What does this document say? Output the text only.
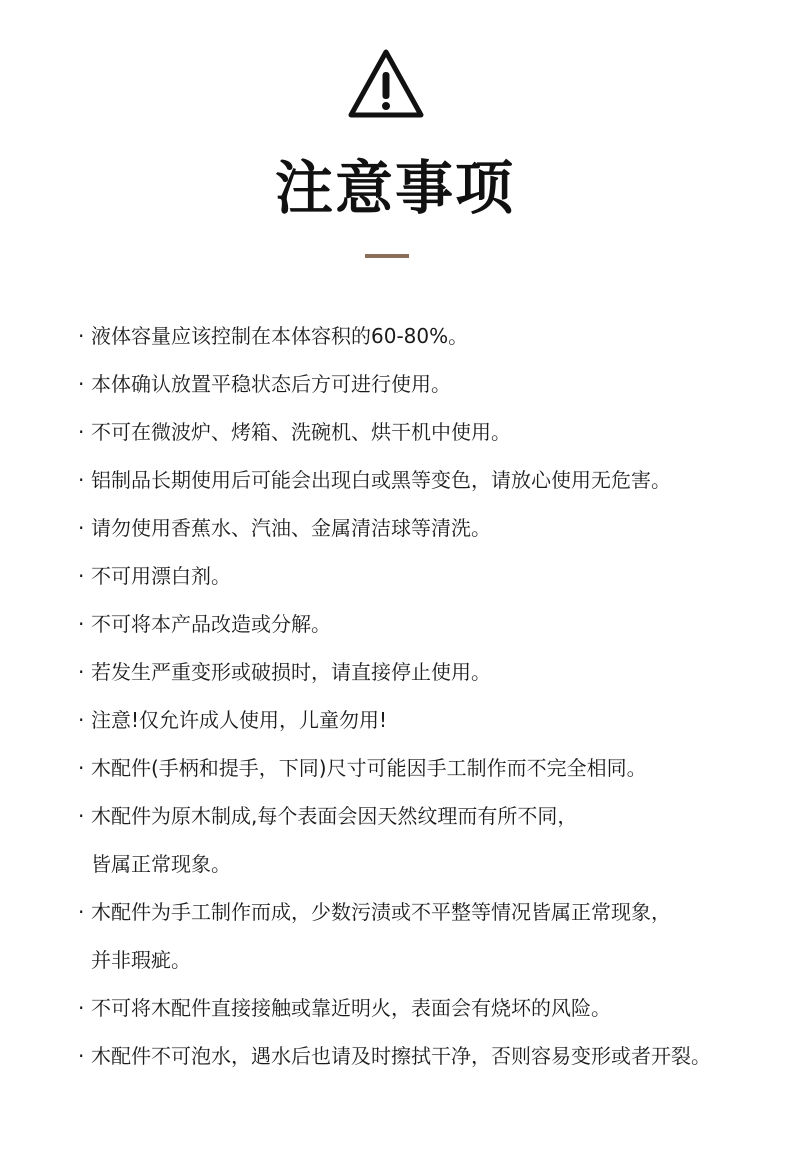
注意事项
· 液体容量应该控制在本体容积的60-80%。
· 本体确认放置平稳状态后方可进行使用。
· 不可在微波炉、烤箱、洗碗机、烘干机中使用。
· 铝制品长期使用后可能会出现白或黑等变色，请放心使用无危害。
· 请勿使用香蕉水、汽油、金属清洁球等清洗。
· 不可用漂白剂。
· 不可将本产品改造或分解。
· 若发生严重变形或破损时，请直接停止使用。
· 注意!仅允许成人使用，儿童勿用!
· 木配件(手柄和提手，下同)尺寸可能因手工制作而不完全相同。
· 木配件为原木制成,每个表面会因天然纹理而有所不同，
皆属正常现象。
· 木配件为手工制作而成，少数污渍或不平整等情况皆属正常现象，
并非瑕疵。
· 不可将木配件直接接触或靠近明火，表面会有烧坏的风险。
· 木配件不可泡水，遇水后也请及时擦拭干净，否则容易变形或者开裂。
